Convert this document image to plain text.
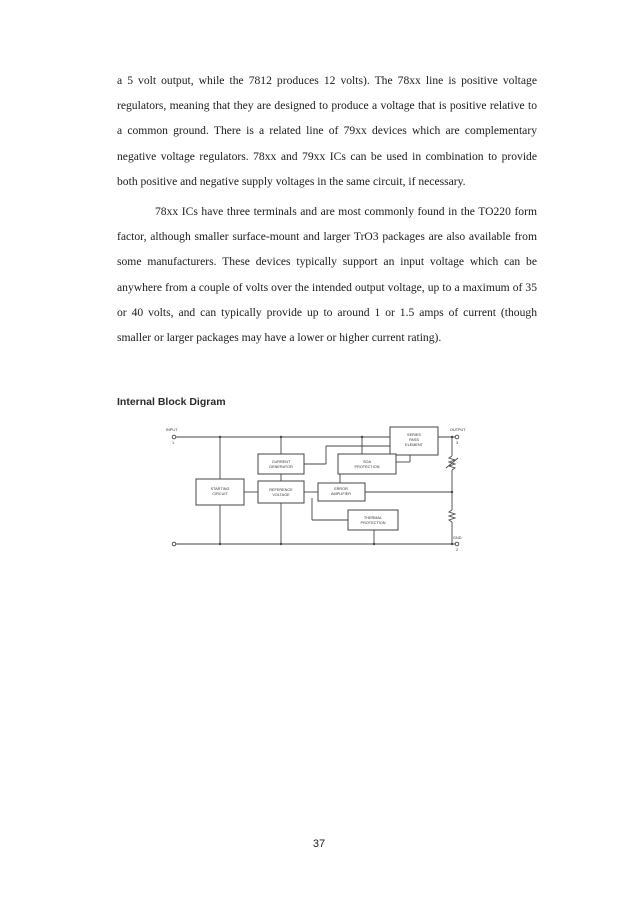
a 5 volt output, while the 7812 produces 12 volts). The 78xx line is positive voltage regulators, meaning that they are designed to produce a voltage that is positive relative to a common ground. There is a related line of 79xx devices which are complementary negative voltage regulators. 78xx and 79xx ICs can be used in combination to provide both positive and negative supply voltages in the same circuit, if necessary.

78xx ICs have three terminals and are most commonly found in the TO220 form factor, although smaller surface-mount and larger TrO3 packages are also available from some manufacturers. These devices typically support an input voltage which can be anywhere from a couple of volts over the intended output voltage, up to a maximum of 35 or 40 volts, and can typically provide up to around 1 or 1.5 amps of current (though smaller or larger packages may have a lower or higher current rating).

Internal Block Digram
INPUT
1
OUTPUT
3
GND
2
SERIES
PASS
ELEMENT
CURRENT
GENERATOR
SOA
PROTECTION
STARTING
CIRCUIT
REFERENCE
VOLTAGE
ERROR
AMPLIFIER
THERMAL
PROTECTION
37
